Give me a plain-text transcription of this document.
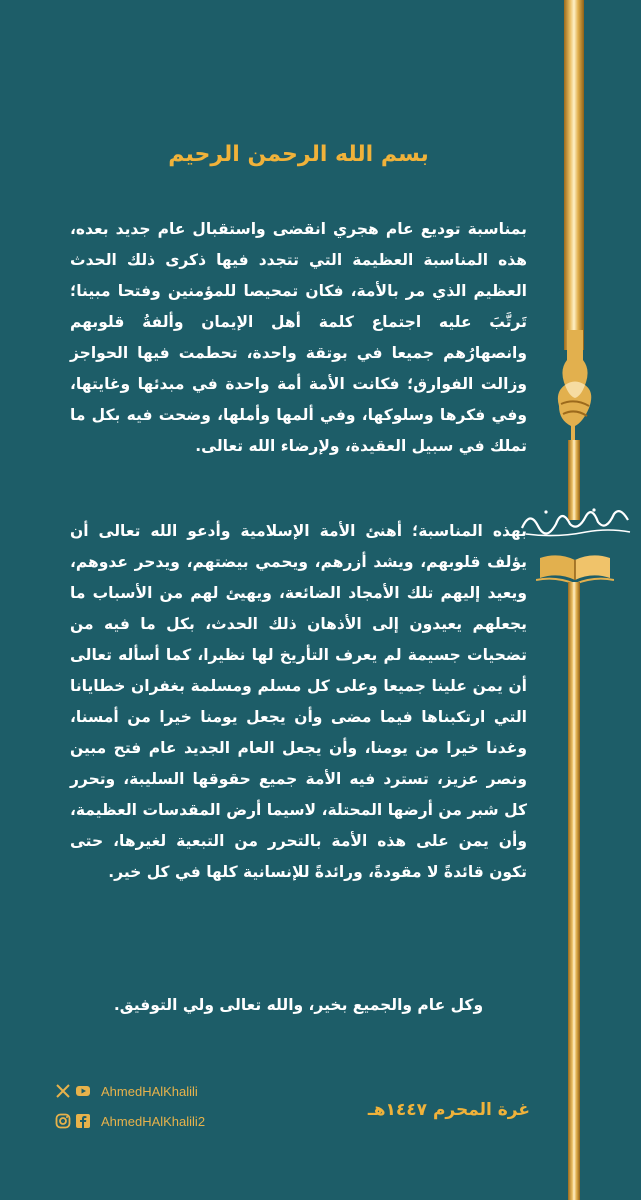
بسم الله الرحمن الرحيم

بمناسبة توديع عام هجري انقضى واستقبال عام جديد بعده، هذه المناسبة العظيمة التي تتجدد فيها ذكرى ذلك الحدث العظيم الذي مر بالأمة، فكان تمحيصا للمؤمنين وفتحا مبينا؛ تَرتَّبَ عليه اجتماع كلمة أهل الإيمان وألفةُ قلوبهم وانصهارُهم جميعا في بوتقة واحدة، تحطمت فيها الحواجز وزالت الفوارق؛ فكانت الأمة أمة واحدة في مبدئها وغايتها، وفي فكرها وسلوكها، وفي ألمها وأملها، وضحت فيه بكل ما تملك في سبيل العقيدة، ولإرضاء الله تعالى.

بهذه المناسبة؛ أهنئ الأمة الإسلامية وأدعو الله تعالى أن يؤلف قلوبهم، ويشد أزرهم، ويحمي بيضتهم، ويدحر عدوهم، ويعيد إليهم تلك الأمجاد الضائعة، ويهيئ لهم من الأسباب ما يجعلهم يعيدون إلى الأذهان ذلك الحدث، بكل ما فيه من تضحيات جسيمة لم يعرف التأريخ لها نظيرا، كما أسأله تعالى أن يمن علينا جميعا وعلى كل مسلم ومسلمة بغفران خطايانا التي ارتكبناها فيما مضى وأن يجعل يومنا خيرا من أمسنا، وغدنا خيرا من يومنا، وأن يجعل العام الجديد عام فتح مبين ونصر عزيز، تسترد فيه الأمة جميع حقوقها السليبة، وتحرر كل شبر من أرضها المحتلة، لاسيما أرض المقدسات العظيمة، وأن يمن على هذه الأمة بالتحرر من التبعية لغيرها، حتى تكون قائدةً لا مقودةً، ورائدةً للإنسانية كلها في كل خير.

وكل عام والجميع بخير، والله تعالى ولي التوفيق.

AhmedHAlKhalili
AhmedHAlKhalili2
غرة المحرم ١٤٤٧هـ
